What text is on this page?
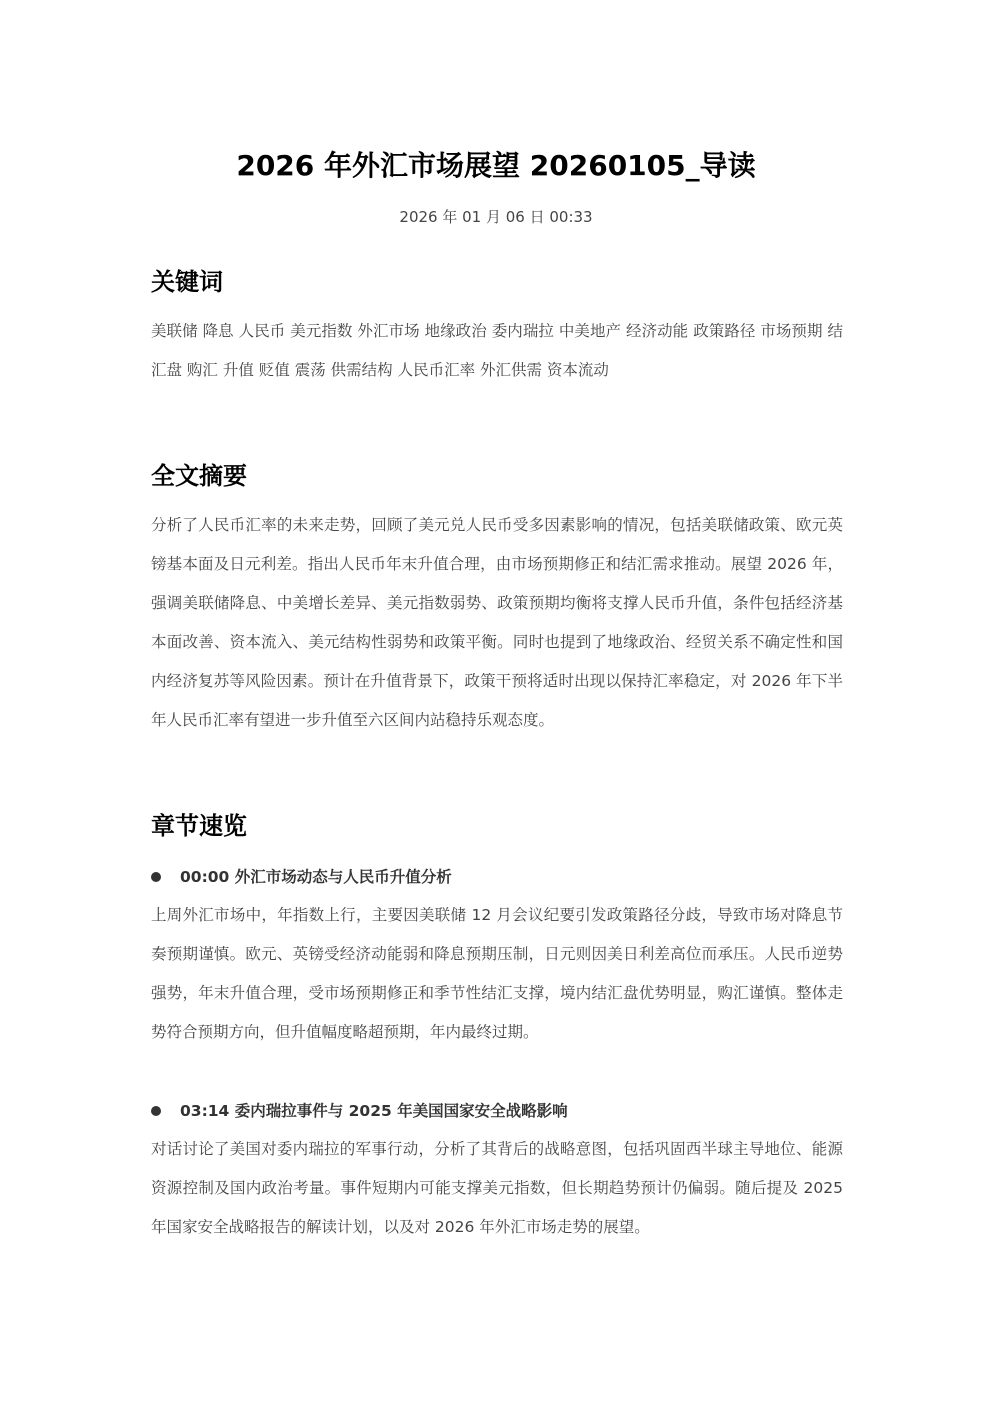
2026 年外汇市场展望 20260105_导读
2026 年 01 月 06 日 00:33
关键词
美联储 降息 人民币 美元指数 外汇市场 地缘政治 委内瑞拉 中美地产 经济动能 政策路径 市场预期 结汇盘 购汇 升值 贬值 震荡 供需结构 人民币汇率 外汇供需 资本流动
全文摘要
分析了人民币汇率的未来走势，回顾了美元兑人民币受多因素影响的情况，包括美联储政策、欧元英镑基本面及日元利差。指出人民币年末升值合理，由市场预期修正和结汇需求推动。展望 2026 年，强调美联储降息、中美增长差异、美元指数弱势、政策预期均衡将支撑人民币升值，条件包括经济基本面改善、资本流入、美元结构性弱势和政策平衡。同时也提到了地缘政治、经贸关系不确定性和国内经济复苏等风险因素。预计在升值背景下，政策干预将适时出现以保持汇率稳定，对 2026 年下半年人民币汇率有望进一步升值至六区间内站稳持乐观态度。
章节速览
00:00 外汇市场动态与人民币升值分析
上周外汇市场中，年指数上行，主要因美联储 12 月会议纪要引发政策路径分歧，导致市场对降息节奏预期谨慎。欧元、英镑受经济动能弱和降息预期压制，日元则因美日利差高位而承压。人民币逆势强势，年末升值合理，受市场预期修正和季节性结汇支撑，境内结汇盘优势明显，购汇谨慎。整体走势符合预期方向，但升值幅度略超预期，年内最终过期。
03:14 委内瑞拉事件与 2025 年美国国家安全战略影响
对话讨论了美国对委内瑞拉的军事行动，分析了其背后的战略意图，包括巩固西半球主导地位、能源资源控制及国内政治考量。事件短期内可能支撑美元指数，但长期趋势预计仍偏弱。随后提及 2025 年国家安全战略报告的解读计划，以及对 2026 年外汇市场走势的展望。
